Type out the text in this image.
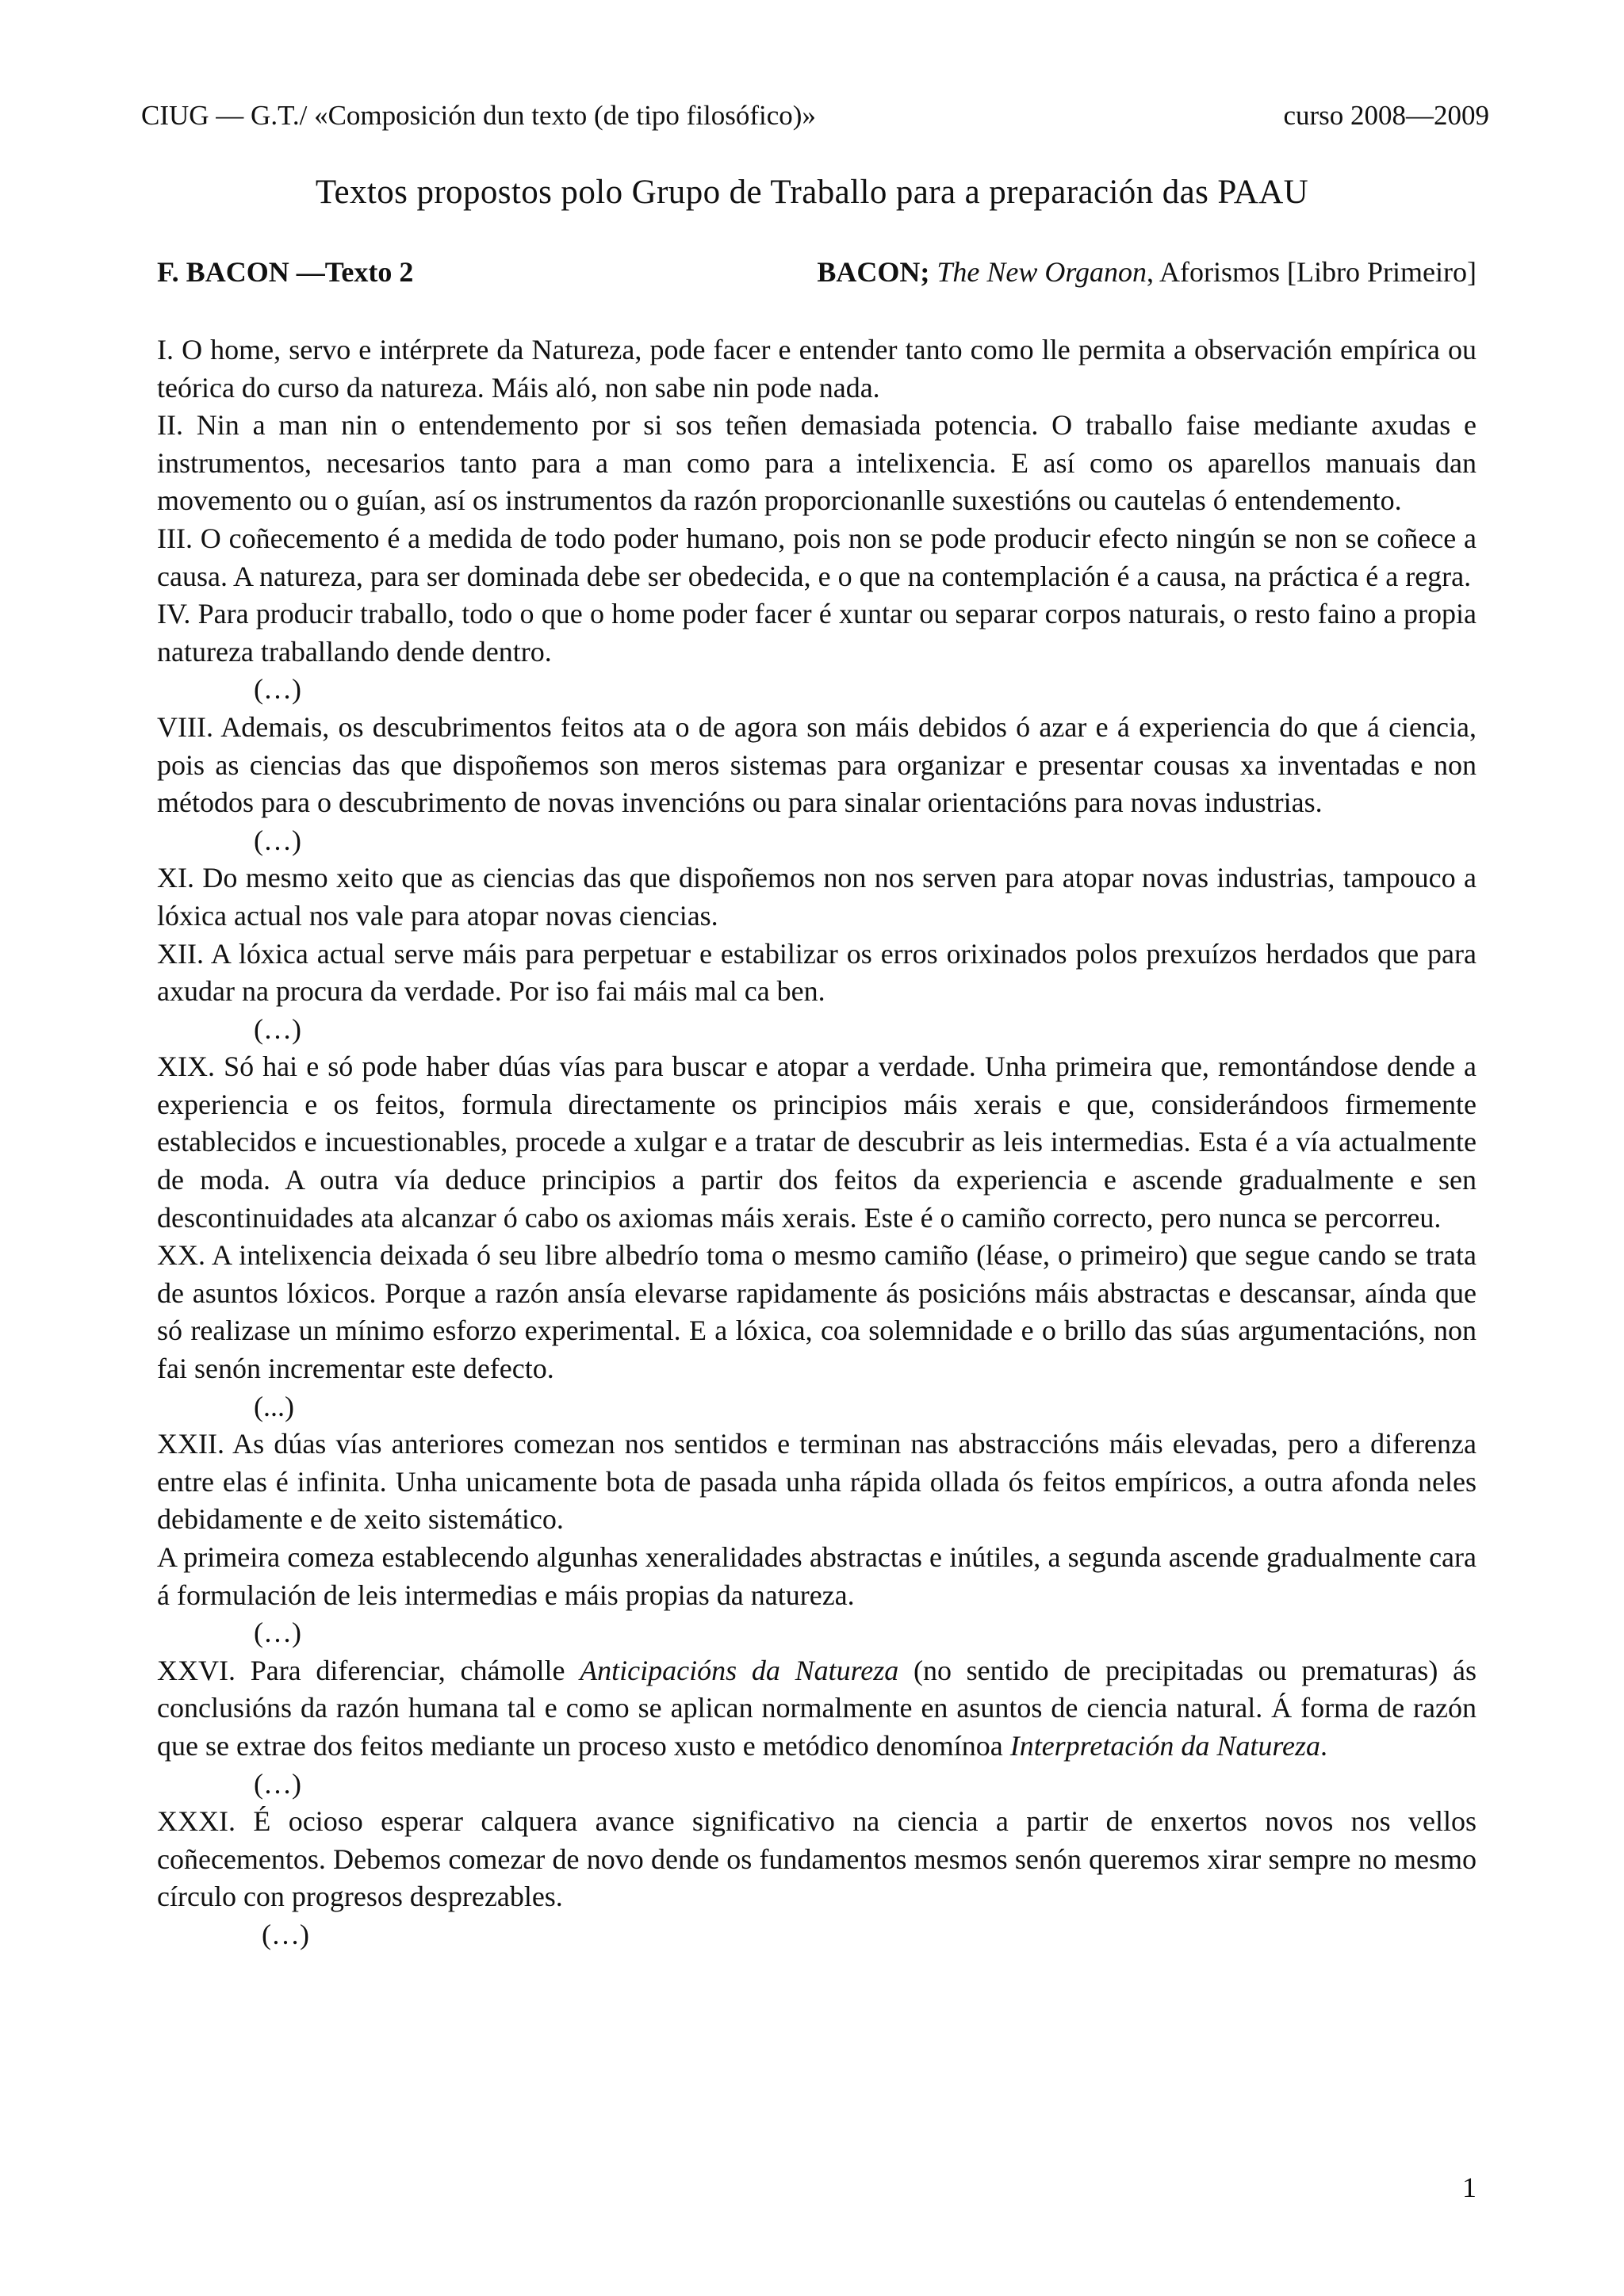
CIUG — G.T./ «Composición dun texto (de tipo filosófico)»	curso 2008—2009
Textos propostos polo Grupo de Traballo para a preparación das PAAU
F. BACON —Texto 2	BACON; The New Organon, Aforismos [Libro Primeiro]

I. O home, servo e intérprete da Natureza, pode facer e entender tanto como lle permita a observación empírica ou teórica do curso da natureza. Máis aló, non sabe nin pode nada.

II. Nin a man nin o entendemento por si sos teñen demasiada potencia. O traballo faise mediante axudas e instrumentos, necesarios tanto para a man como para a intelixencia. E así como os aparellos manuais dan movemento ou o guían, así os instrumentos da razón proporcionanlle suxestións ou cautelas ó entendemento.

III. O coñecemento é a medida de todo poder humano, pois non se pode producir efecto ningún se non se coñece a causa. A natureza, para ser dominada debe ser obedecida, e o que na contemplación é a causa, na práctica é a regra.

IV. Para producir traballo, todo o que o home poder facer é xuntar ou separar corpos naturais, o resto faino a propia natureza traballando dende dentro.

(…)

VIII. Ademais, os descubrimentos feitos ata o de agora son máis debidos ó azar e á experiencia do que á ciencia, pois as ciencias das que dispoñemos son meros sistemas para organizar e presentar cousas xa inventadas e non métodos para o descubrimento de novas invencións ou para sinalar orientacións para novas industrias.

(…)

XI. Do mesmo xeito que as ciencias das que dispoñemos non nos serven para atopar novas industrias, tampouco a lóxica actual nos vale para atopar novas ciencias.

XII. A lóxica actual serve máis para perpetuar e estabilizar os erros orixinados polos prexuízos herdados que para axudar na procura da verdade. Por iso fai máis mal ca ben.

(…)

XIX. Só hai e só pode haber dúas vías para buscar e atopar a verdade. Unha primeira que, remontándose dende a experiencia e os feitos, formula directamente os principios máis xerais e que, considerándoos firmemente establecidos e incuestionables, procede a xulgar e a tratar de descubrir as leis intermedias. Esta é a vía actualmente de moda. A outra vía deduce principios a partir dos feitos da experiencia e ascende gradualmente e sen descontinuidades ata alcanzar ó cabo os axiomas máis xerais. Este é o camiño correcto, pero nunca se percorreu.

XX. A intelixencia deixada ó seu libre albedrío toma o mesmo camiño (léase, o primeiro) que segue cando se trata de asuntos lóxicos. Porque a razón ansía elevarse rapidamente ás posicións máis abstractas e descansar, aínda que só realizase un mínimo esforzo experimental. E a lóxica, coa solemnidade e o brillo das súas argumentacións, non fai senón incrementar este defecto.

(...)

XXII. As dúas vías anteriores comezan nos sentidos e terminan nas abstraccións máis elevadas, pero a diferenza entre elas é infinita. Unha unicamente bota de pasada unha rápida ollada ós feitos empíricos, a outra afonda neles debidamente e de xeito sistemático.

A primeira comeza establecendo algunhas xeneralidades abstractas e inútiles, a segunda ascende gradualmente cara á formulación de leis intermedias e máis propias da natureza.

(…)

XXVI. Para diferenciar, chámolle Anticipacións da Natureza (no sentido de precipitadas ou prematuras) ás conclusións da razón humana tal e como se aplican normalmente en asuntos de ciencia natural. Á forma de razón que se extrae dos feitos mediante un proceso xusto e metódico denomínoa Interpretación da Natureza.

(…)

XXXI. É ocioso esperar calquera avance significativo na ciencia a partir de enxertos novos nos vellos coñecementos. Debemos comezar de novo dende os fundamentos mesmos senón queremos xirar sempre no mesmo círculo con progresos desprezables.

(…)

1
